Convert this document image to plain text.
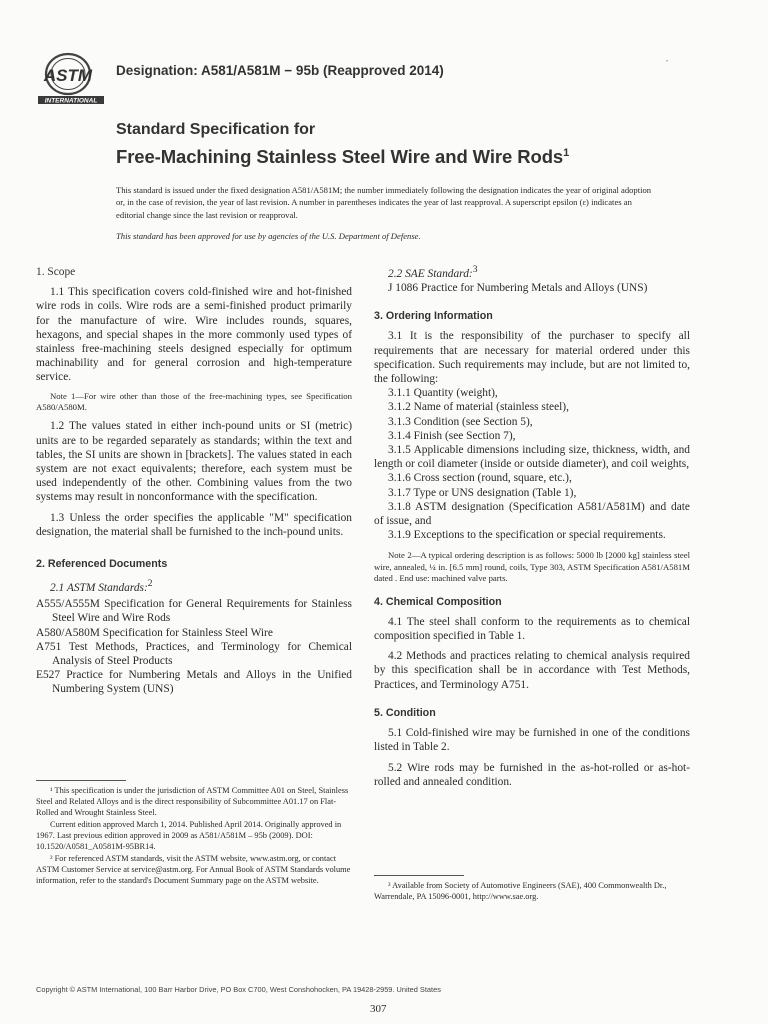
ASTM
INTERNATIONAL
Designation: A581/A581M − 95b (Reapproved 2014)
•
Standard Specification for
Free-Machining Stainless Steel Wire and Wire Rods$^1$

This standard is issued under the fixed designation A581/A581M; the number immediately following the designation indicates the year of original adoption or, in the case of revision, the year of last revision. A number in parentheses indicates the year of last reapproval. A superscript epsilon (ε) indicates an editorial change since the last revision or reapproval.

This standard has been approved for use by agencies of the U.S. Department of Defense.

1. Scope

1.1 This specification covers cold-finished wire and hot-finished wire rods in coils. Wire rods are a semi-finished product primarily for the manufacture of wire. Wire includes rounds, squares, hexagons, and special shapes in the more commonly used types of stainless free-machining steels designed especially for optimum machinability and for general corrosion and high-temperature service.

Note 1—For wire other than those of the free-machining types, see Specification A580/A580M.

1.2 The values stated in either inch-pound units or SI (metric) units are to be regarded separately as standards; within the text and tables, the SI units are shown in [brackets]. The values stated in each system are not exact equivalents; therefore, each system must be used independently of the other. Combining values from the two systems may result in nonconformance with the specification.

1.3 Unless the order specifies the applicable "M" specification designation, the material shall be furnished to the inch-pound units.

2. Referenced Documents

2.1 ASTM Standards:$^2$

A555/A555M Specification for General Requirements for Stainless Steel Wire and Wire Rods

A580/A580M Specification for Stainless Steel Wire

A751 Test Methods, Practices, and Terminology for Chemical Analysis of Steel Products

E527 Practice for Numbering Metals and Alloys in the Unified Numbering System (UNS)

¹ This specification is under the jurisdiction of ASTM Committee A01 on Steel, Stainless Steel and Related Alloys and is the direct responsibility of Subcommittee A01.17 on Flat-Rolled and Wrought Stainless Steel.

Current edition approved March 1, 2014. Published April 2014. Originally approved in 1967. Last previous edition approved in 2009 as A581/A581M – 95b (2009). DOI: 10.1520/A0581_A0581M-95BR14.

² For referenced ASTM standards, visit the ASTM website, www.astm.org, or contact ASTM Customer Service at service@astm.org. For Annual Book of ASTM Standards volume information, refer to the standard's Document Summary page on the ASTM website.

2.2 SAE Standard:$^3$

J 1086 Practice for Numbering Metals and Alloys (UNS)

3. Ordering Information

3.1 It is the responsibility of the purchaser to specify all requirements that are necessary for material ordered under this specification. Such requirements may include, but are not limited to, the following:

3.1.1 Quantity (weight),

3.1.2 Name of material (stainless steel),

3.1.3 Condition (see Section 5),

3.1.4 Finish (see Section 7),

3.1.5 Applicable dimensions including size, thickness, width, and length or coil diameter (inside or outside diameter), and coil weights,

3.1.6 Cross section (round, square, etc.),

3.1.7 Type or UNS designation (Table 1),

3.1.8 ASTM designation (Specification A581/A581M) and date of issue, and

3.1.9 Exceptions to the specification or special requirements.

Note 2—A typical ordering description is as follows: 5000 lb [2000 kg] stainless steel wire, annealed, ¼ in. [6.5 mm] round, coils, Type 303, ASTM Specification A581/A581M dated . End use: machined valve parts.

4. Chemical Composition

4.1 The steel shall conform to the requirements as to chemical composition specified in Table 1.

4.2 Methods and practices relating to chemical analysis required by this specification shall be in accordance with Test Methods, Practices, and Terminology A751.

5. Condition

5.1 Cold-finished wire may be furnished in one of the conditions listed in Table 2.

5.2 Wire rods may be furnished in the as-hot-rolled or as-hot-rolled and annealed condition.

³ Available from Society of Automotive Engineers (SAE), 400 Commonwealth Dr., Warrendale, PA 15096-0001, http://www.sae.org.

Copyright © ASTM International, 100 Barr Harbor Drive, PO Box C700, West Conshohocken, PA 19428-2959. United States
307
